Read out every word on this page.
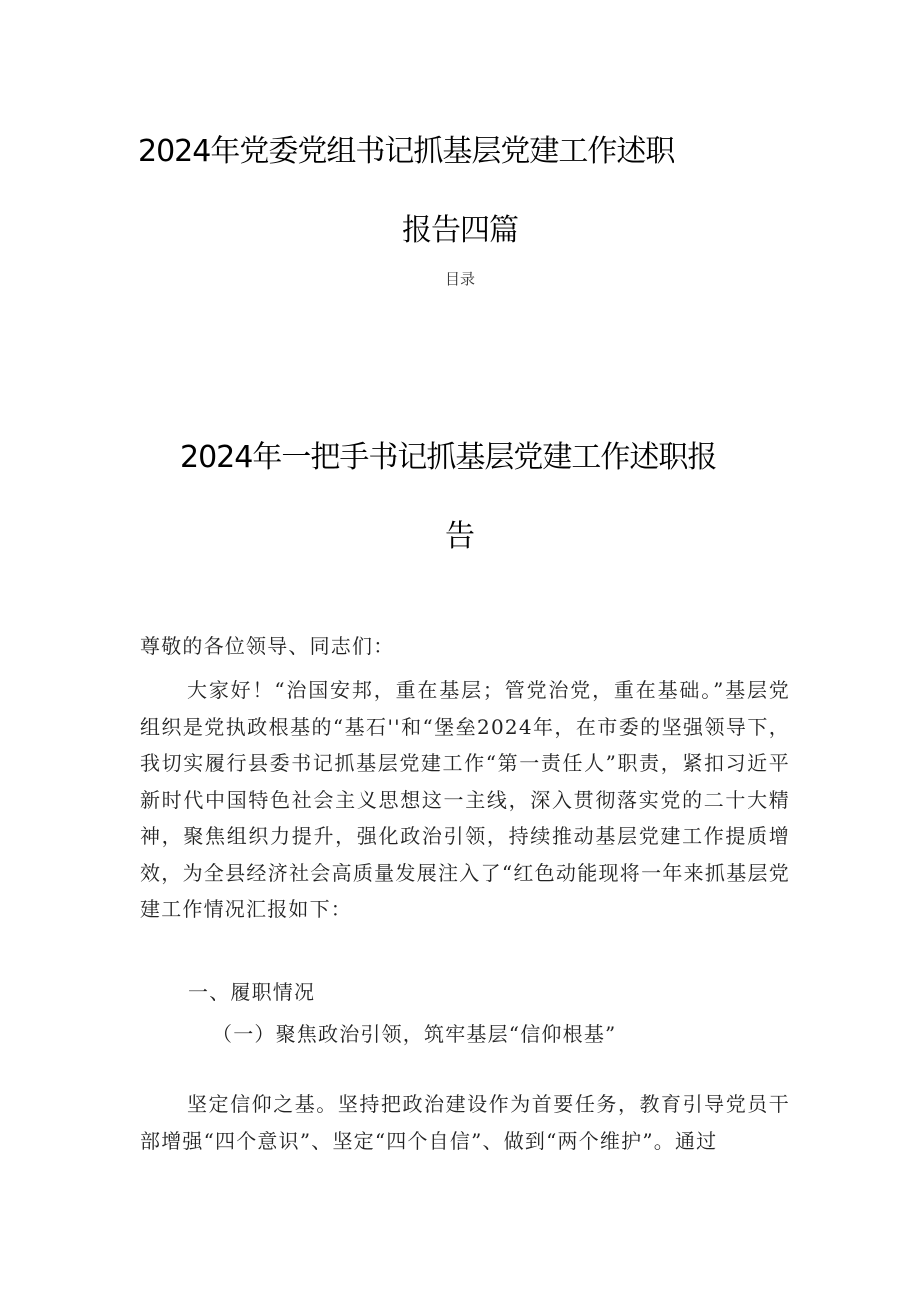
2024年党委党组书记抓基层党建工作述职
报告四篇
目录
2024年一把手书记抓基层党建工作述职报
告
尊敬的各位领导、同志们：
大家好！“治国安邦，重在基层；管党治党，重在基础。”基层党组织是党执政根基的“基石''和“堡垒2024年，在市委的坚强领导下，我切实履行县委书记抓基层党建工作“第一责任人”职责，紧扣习近平新时代中国特色社会主义思想这一主线，深入贯彻落实党的二十大精神，聚焦组织力提升，强化政治引领，持续推动基层党建工作提质增效，为全县经济社会高质量发展注入了“红色动能现将一年来抓基层党建工作情况汇报如下：
一、履职情况
（一）聚焦政治引领，筑牢基层“信仰根基”
坚定信仰之基。坚持把政治建设作为首要任务，教育引导党员干部增强“四个意识”、坚定“四个自信”、做到“两个维护”。通过
